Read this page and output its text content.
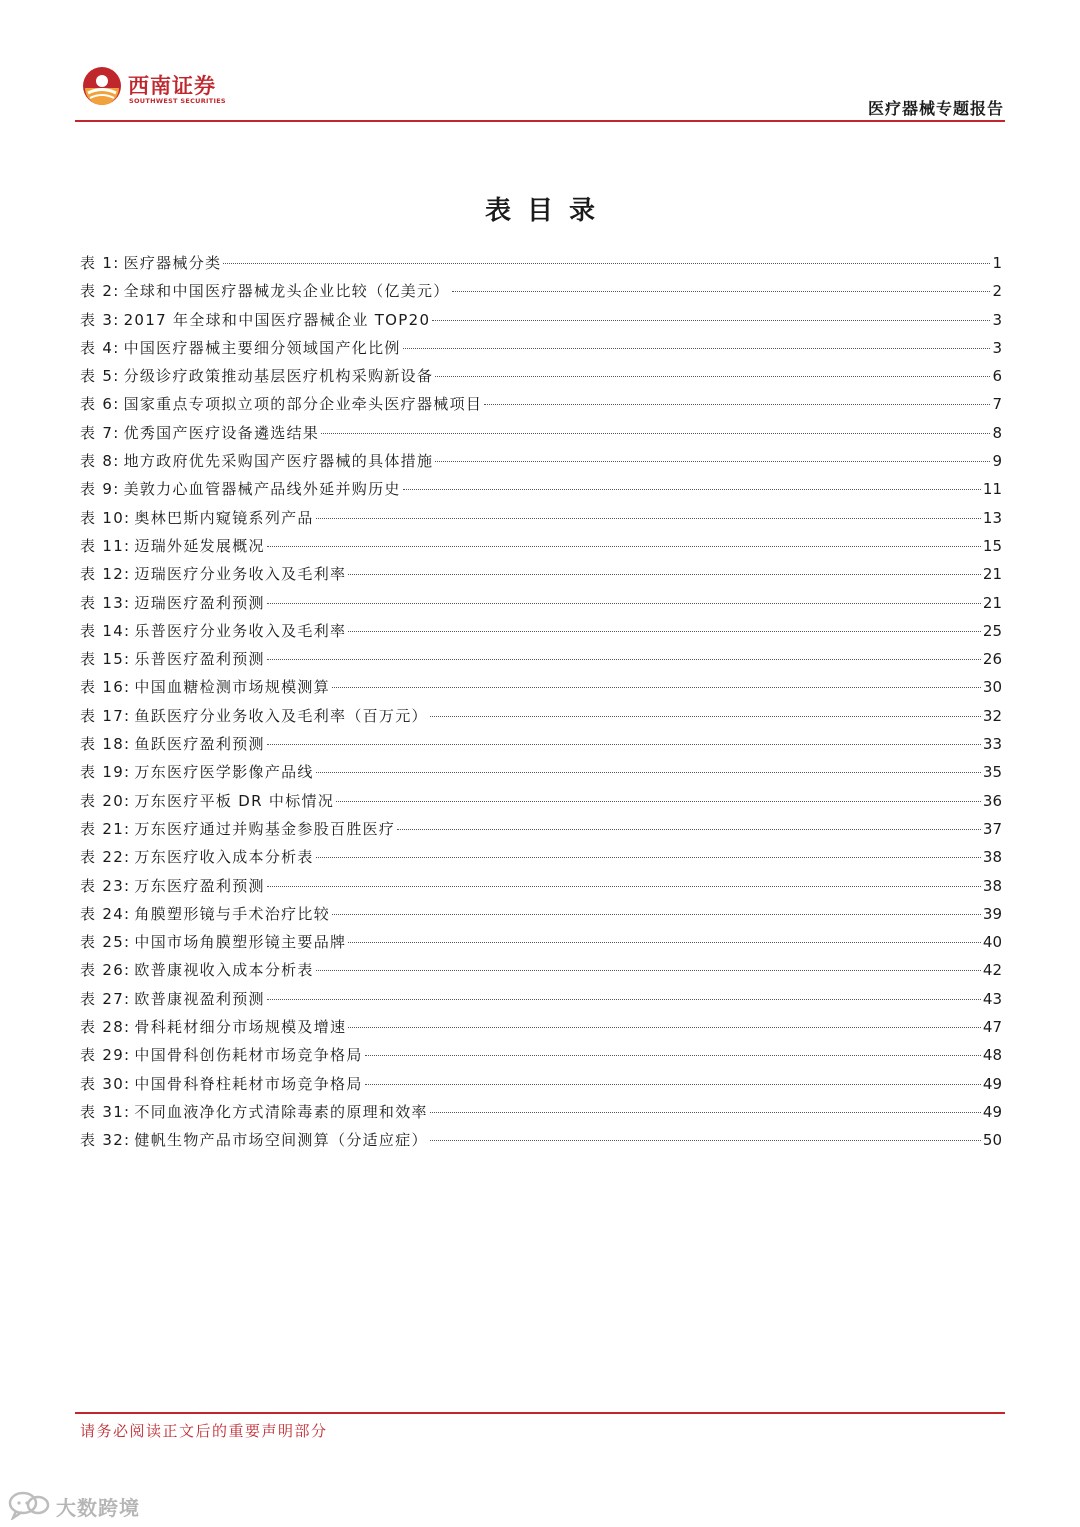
西南证券
SOUTHWEST SECURITIES	医疗器械专题报告
表目录
表 1: 医疗器械分类	1
表 2: 全球和中国医疗器械龙头企业比较（亿美元）	2
表 3: 2017 年全球和中国医疗器械企业 TOP20	3
表 4: 中国医疗器械主要细分领域国产化比例	3
表 5: 分级诊疗政策推动基层医疗机构采购新设备	6
表 6: 国家重点专项拟立项的部分企业牵头医疗器械项目	7
表 7: 优秀国产医疗设备遴选结果	8
表 8: 地方政府优先采购国产医疗器械的具体措施	9
表 9: 美敦力心血管器械产品线外延并购历史	11
表 10: 奥林巴斯内窥镜系列产品	13
表 11: 迈瑞外延发展概况	15
表 12: 迈瑞医疗分业务收入及毛利率	21
表 13: 迈瑞医疗盈利预测	21
表 14: 乐普医疗分业务收入及毛利率	25
表 15: 乐普医疗盈利预测	26
表 16: 中国血糖检测市场规模测算	30
表 17: 鱼跃医疗分业务收入及毛利率（百万元）	32
表 18: 鱼跃医疗盈利预测	33
表 19: 万东医疗医学影像产品线	35
表 20: 万东医疗平板 DR 中标情况	36
表 21: 万东医疗通过并购基金参股百胜医疗	37
表 22: 万东医疗收入成本分析表	38
表 23: 万东医疗盈利预测	38
表 24: 角膜塑形镜与手术治疗比较	39
表 25: 中国市场角膜塑形镜主要品牌	40
表 26: 欧普康视收入成本分析表	42
表 27: 欧普康视盈利预测	43
表 28: 骨科耗材细分市场规模及增速	47
表 29: 中国骨科创伤耗材市场竞争格局	48
表 30: 中国骨科脊柱耗材市场竞争格局	49
表 31: 不同血液净化方式清除毒素的原理和效率	49
表 32: 健帆生物产品市场空间测算（分适应症）	50
请务必阅读正文后的重要声明部分
大数跨境
